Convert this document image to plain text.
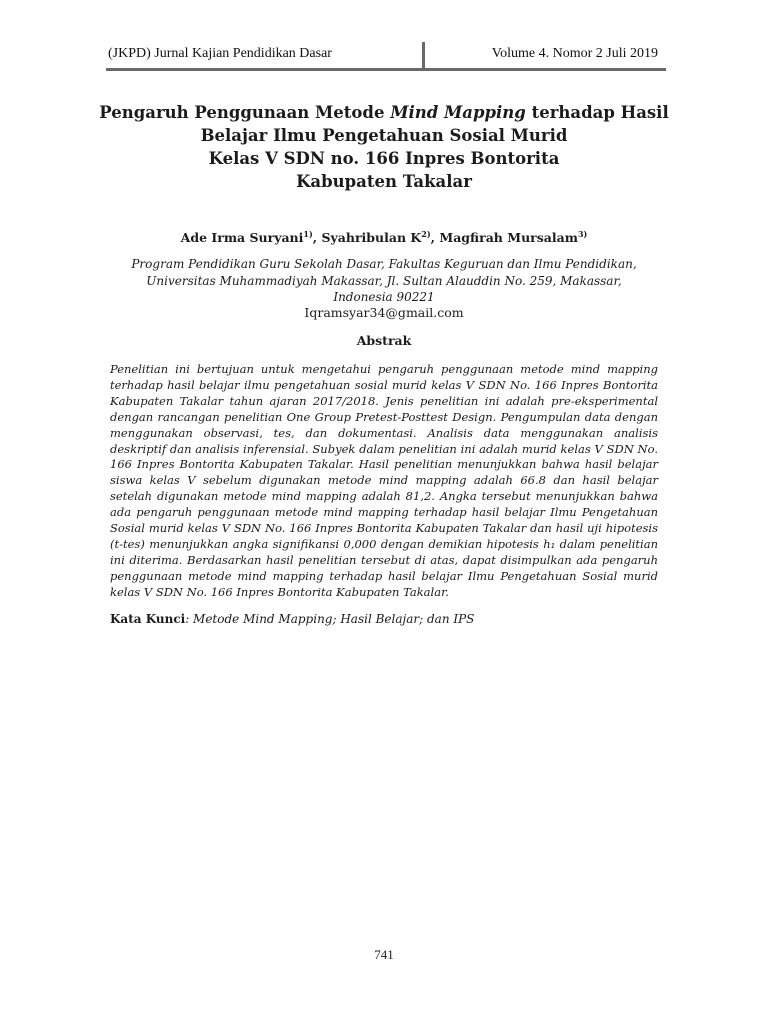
(JKPD) Jurnal Kajian Pendidikan Dasar	Volume 4. Nomor 2 Juli 2019
Pengaruh Penggunaan Metode Mind Mapping terhadap Hasil
Belajar Ilmu Pengetahuan Sosial Murid
Kelas V SDN no. 166 Inpres Bontorita
Kabupaten Takalar
Ade Irma Suryani$^{1)}$, Syahribulan $K^{2)}$, Magfirah Mursalam$^{3)}$
Program Pendidikan Guru Sekolah Dasar, Fakultas Keguruan dan Ilmu Pendidikan,
Universitas Muhammadiyah Makassar, Jl. Sultan Alauddin No. 259, Makassar,
Indonesia 90221
Iqramsyar34@gmail.com
Abstrak
Penelitian ini bertujuan untuk mengetahui pengaruh penggunaan metode mind mapping
terhadap hasil belajar ilmu pengetahuan sosial murid kelas V SDN No. 166 Inpres Bontorita
Kabupaten Takalar tahun ajaran 2017/2018. Jenis penelitian ini adalah pre-eksperimental
dengan rancangan penelitian One Group Pretest-Posttest Design. Pengumpulan data dengan
menggunakan observasi, tes, dan dokumentasi. Analisis data menggunakan analisis
deskriptif dan analisis inferensial. Subyek dalam penelitian ini adalah murid kelas V SDN No.
166 Inpres Bontorita Kabupaten Takalar. Hasil penelitian menunjukkan bahwa hasil belajar
siswa kelas V sebelum digunakan metode mind mapping adalah 66.8 dan hasil belajar
setelah digunakan metode mind mapping adalah 81,2. Angka tersebut menunjukkan bahwa
ada pengaruh penggunaan metode mind mapping terhadap hasil belajar Ilmu Pengetahuan
Sosial murid kelas V SDN No. 166 Inpres Bontorita Kabupaten Takalar dan hasil uji hipotesis
(t-tes) menunjukkan angka signifikansi 0,000 dengan demikian hipotesis h₁ dalam penelitian
ini diterima. Berdasarkan hasil penelitian tersebut di atas, dapat disimpulkan ada pengaruh
penggunaan metode mind mapping terhadap hasil belajar Ilmu Pengetahuan Sosial murid
kelas V SDN No. 166 Inpres Bontorita Kabupaten Takalar.
Kata Kunci: Metode Mind Mapping; Hasil Belajar; dan IPS
741
